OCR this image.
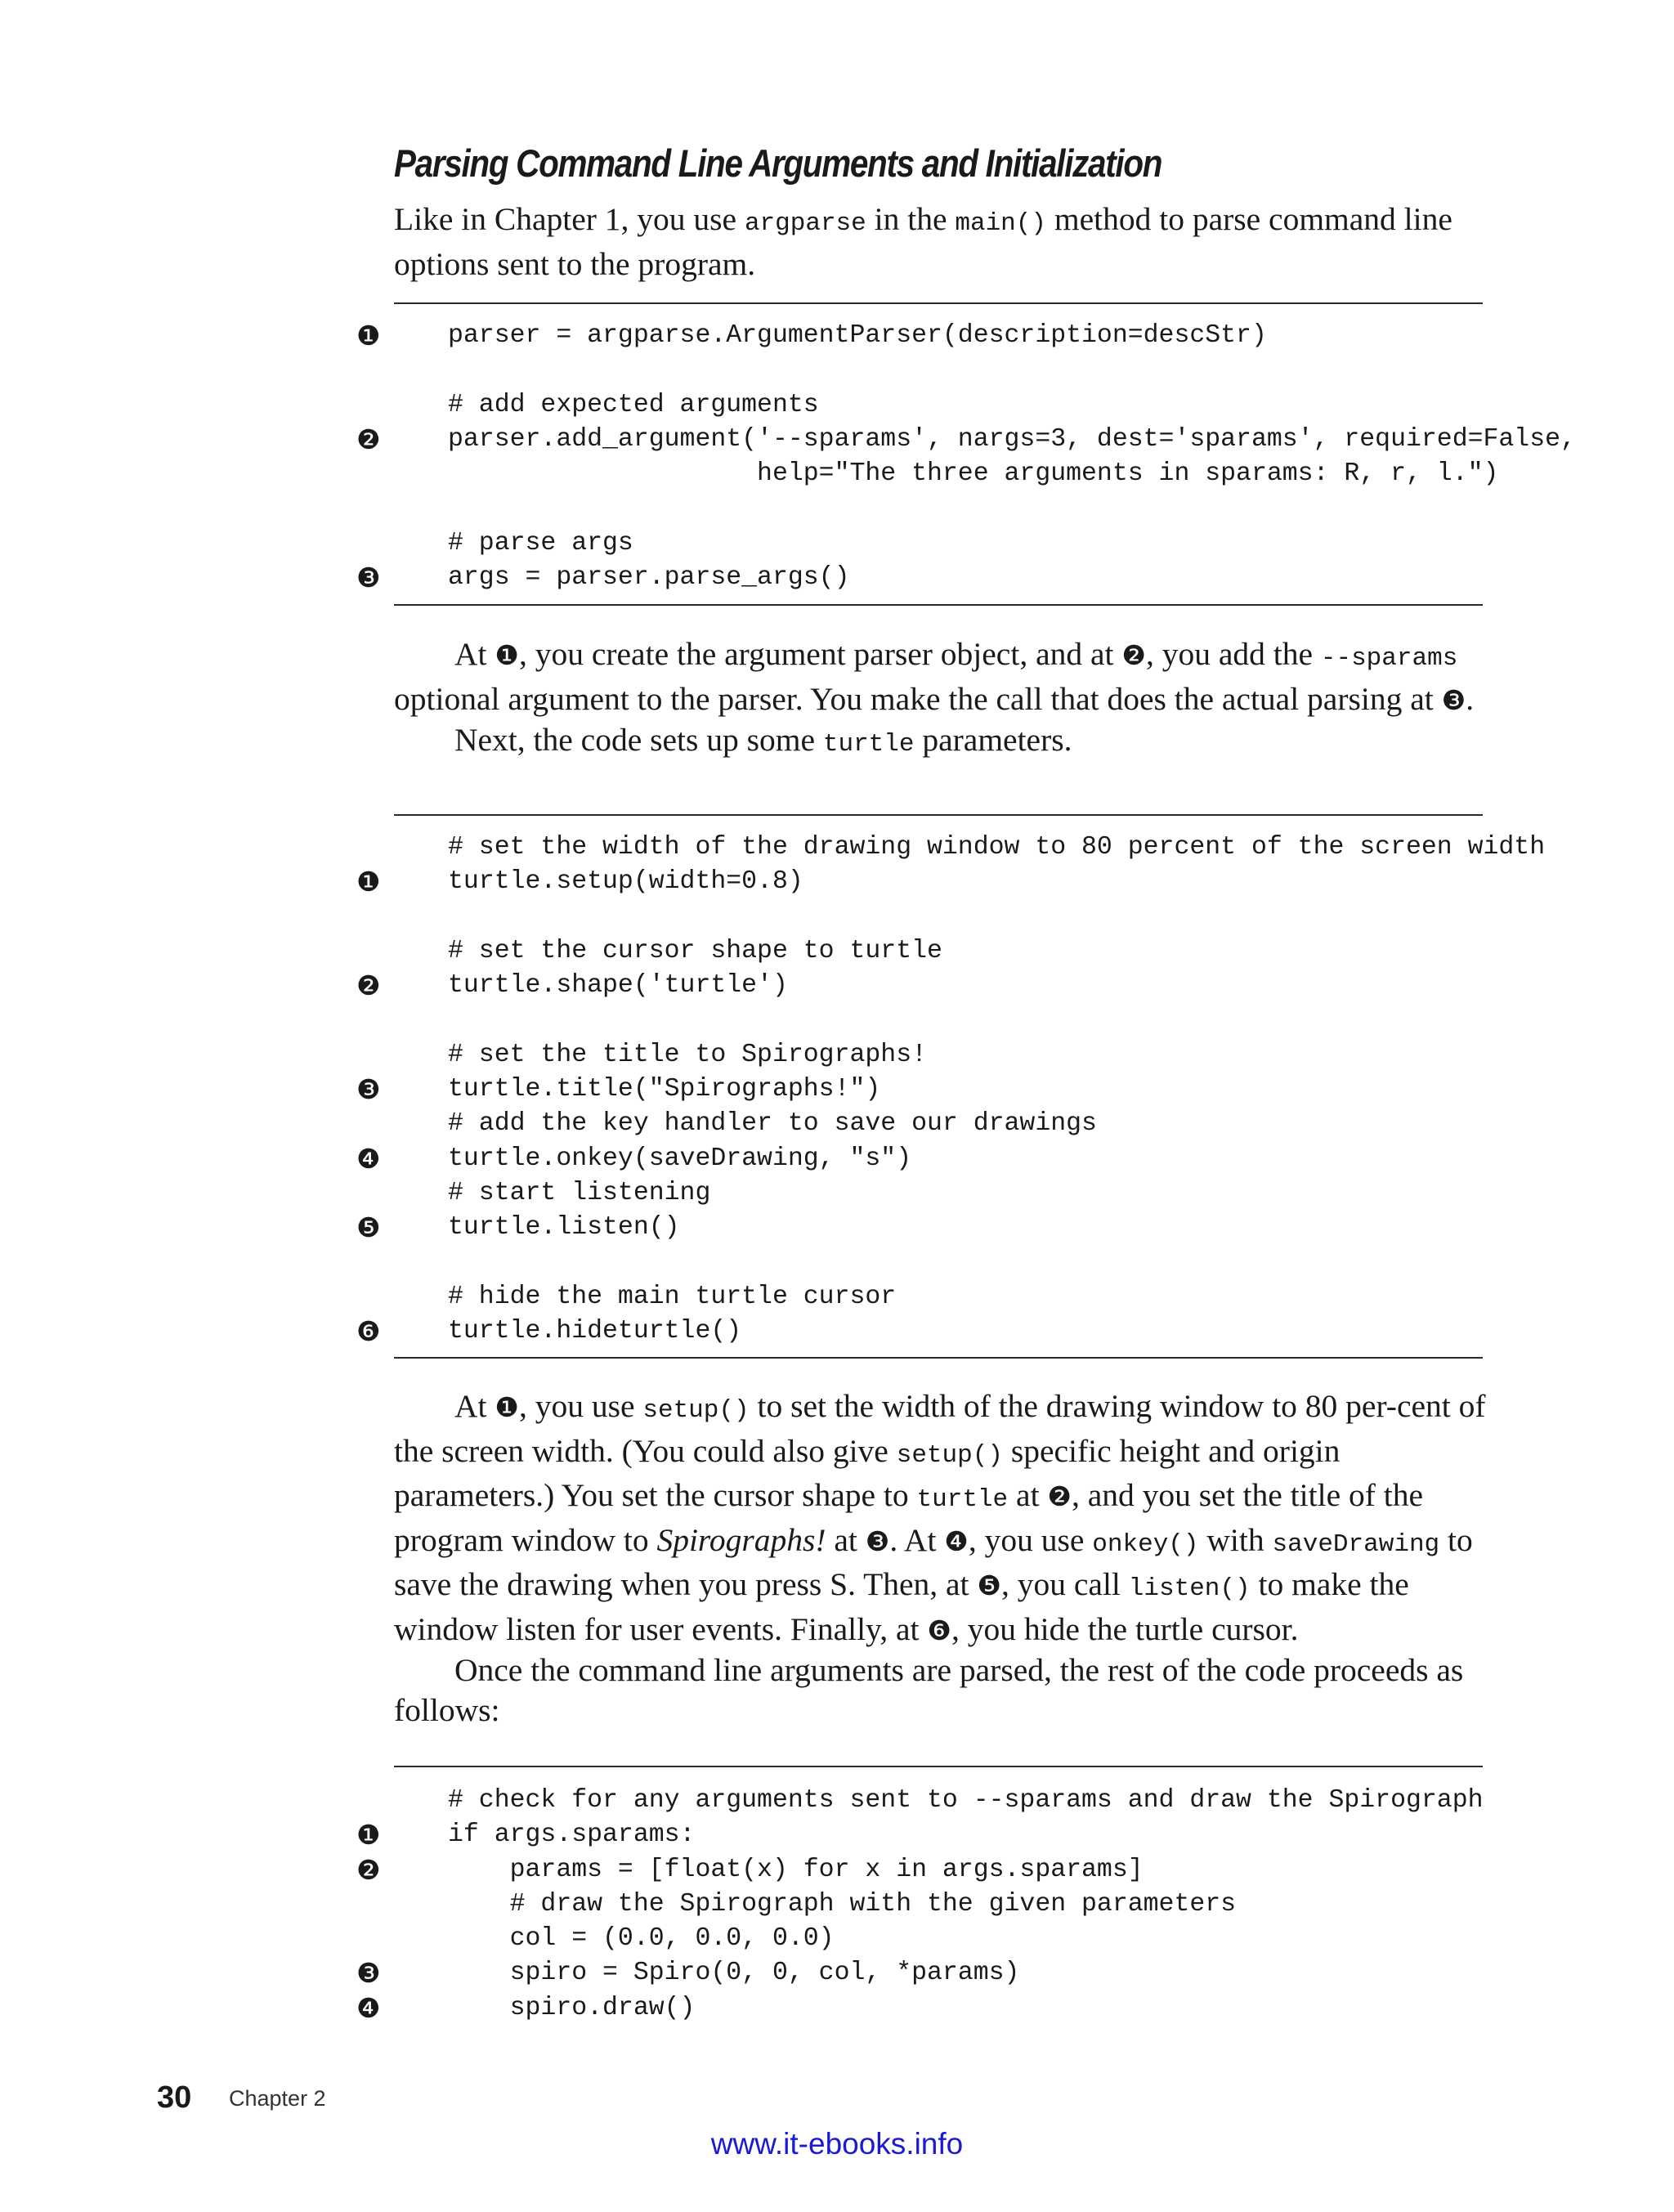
Parsing Command Line Arguments and Initialization

Like in Chapter 1, you use argparse in the main() method to parse command line options sent to the program.

❶	parser = argparse.ArgumentParser(description=descStr)
# add expected arguments
❷	parser.add_argument('--sparams', nargs=3, dest='sparams', required=False,
help="The three arguments in sparams: R, r, l.")
# parse args
❸	args = parser.parse_args()

At ❶, you create the argument parser object, and at ❷, you add the --sparams optional argument to the parser. You make the call that does the actual parsing at ❸.

Next, the code sets up some turtle parameters.

# set the width of the drawing window to 80 percent of the screen width
❶	turtle.setup(width=0.8)
# set the cursor shape to turtle
❷	turtle.shape('turtle')
# set the title to Spirographs!
❸	turtle.title("Spirographs!")
# add the key handler to save our drawings
❹	turtle.onkey(saveDrawing, "s")
# start listening
❺	turtle.listen()
# hide the main turtle cursor
❻	turtle.hideturtle()

At ❶, you use setup() to set the width of the drawing window to 80 per-cent of the screen width. (You could also give setup() specific height and origin parameters.) You set the cursor shape to turtle at ❷, and you set the title of the program window to Spirographs! at ❸. At ❹, you use onkey() with saveDrawing to save the drawing when you press S. Then, at ❺, you call listen() to make the window listen for user events. Finally, at ❻, you hide the turtle cursor.

Once the command line arguments are parsed, the rest of the code proceeds as follows:

# check for any arguments sent to --sparams and draw the Spirograph
❶	if args.sparams:
❷	params = [float(x) for x in args.sparams]
# draw the Spirograph with the given parameters
col = (0.0, 0.0, 0.0)
❸	spiro = Spiro(0, 0, col, *params)
❹	spiro.draw()
30 Chapter 2
www.it-ebooks.info
